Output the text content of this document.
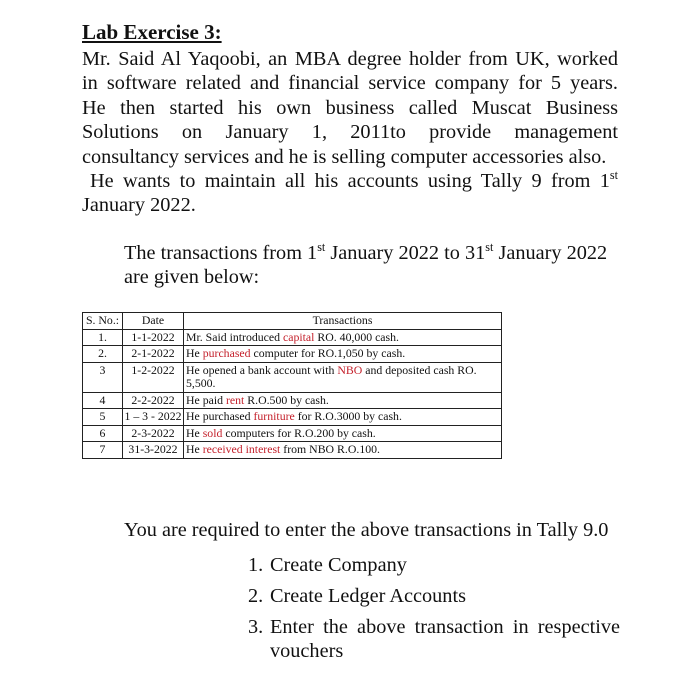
Lab Exercise 3:

Mr. Said Al Yaqoobi, an MBA degree holder from UK, worked

in software related and financial service company for 5 years.

He then started his own business called Muscat Business

Solutions on January 1, 2011to provide management

consultancy services and he is selling computer accessories also.

He wants to maintain all his accounts using Tally 9 from 1st

January 2022.

The transactions from 1st January 2022 to 31st January 2022

are given below:

S. No.:	Date	Transactions
1.	1-1-2022	Mr. Said introduced capital RO. 40,000 cash.
2.	2-1-2022	He purchased computer for RO.1,050 by cash.
3	1-2-2022	He opened a bank account with NBO and deposited cash RO. 5,500.
4	2-2-2022	He paid rent R.O.500 by cash.
5	1 – 3 - 2022	He purchased furniture for R.O.3000 by cash.
6	2-3-2022	He sold computers for R.O.200 by cash.
7	31-3-2022	He received interest from NBO R.O.100.
You are required to enter the above transactions in Tally 9.0
1. Create Company
2. Create Ledger Accounts
3. Enter the above transaction in respective vouchers
